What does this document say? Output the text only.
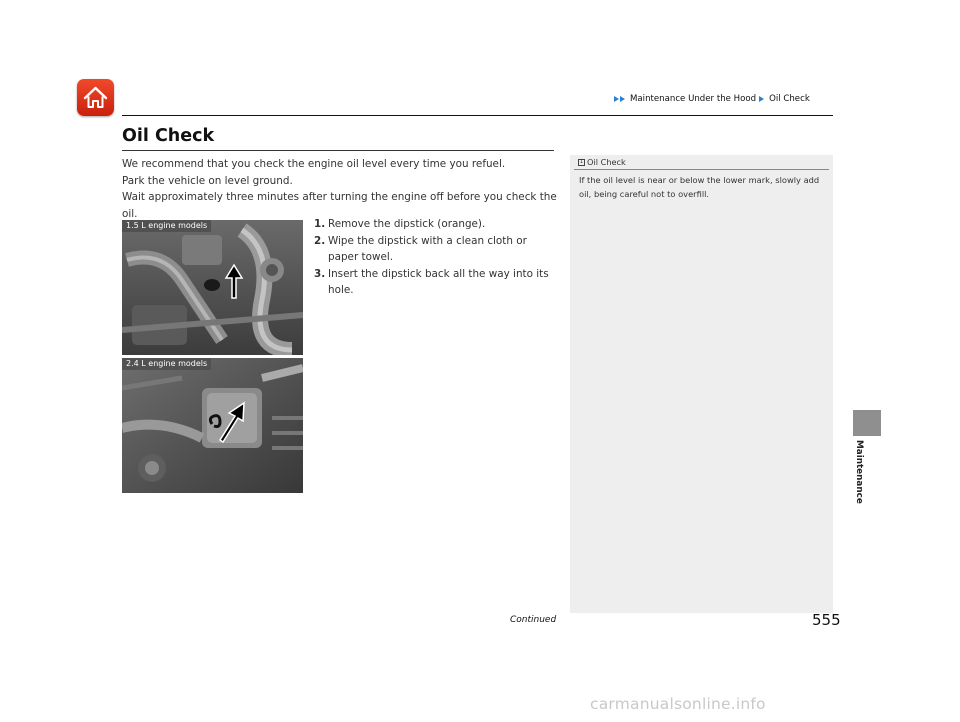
Maintenance Under the Hood Oil Check
Oil Check

We recommend that you check the engine oil level every time you refuel.

Park the vehicle on level ground.

Wait approximately three minutes after turning the engine off before you check the oil.

1.5 L engine models
2.4 L engine models
1. Remove the dipstick (orange).
2. Wipe the dipstick with a clean cloth or paper towel.
3. Insert the dipstick back all the way into its hole.
1 Oil Check
If the oil level is near or below the lower mark, slowly add oil, being careful not to overfill.
Maintenance
Continued	555
carmanualsonline.info
